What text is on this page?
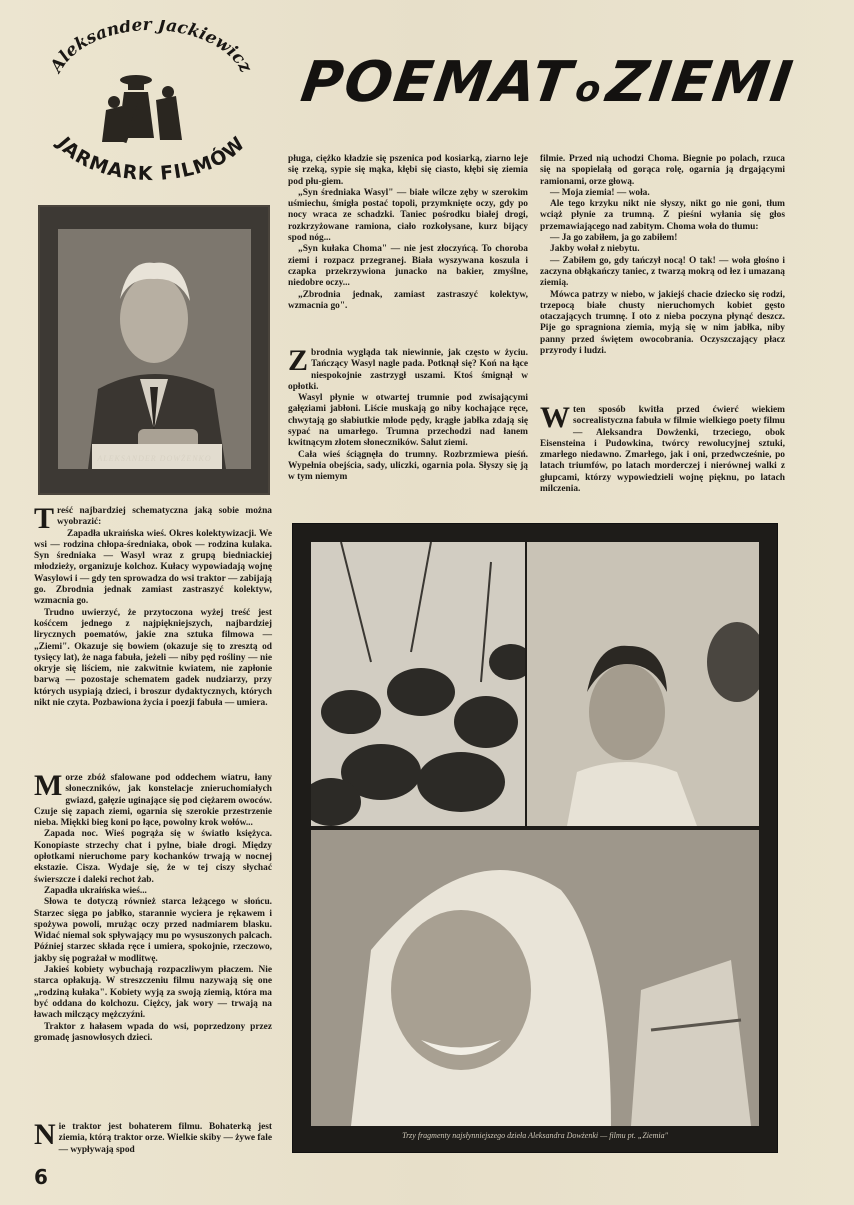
Aleksander Jackiewicz
JARMARK FILMÓW
POEMAToZIEMI
ALEKSANDER DOWŻENKO

Treść najbardziej schematyczna jaką sobie można wyobrazić:

Zapadła ukraińska wieś. Okres kolektywizacji. We wsi — rodzina chłopa-średniaka, obok — rodzina kulaka. Syn średniaka — Wasyl wraz z grupą biedniackiej młodzieży, organizuje kolchoz. Kułacy wypowiadają wojnę Wasylowi i — gdy ten sprowadza do wsi traktor — zabijają go. Zbrodnia jednak zamiast zastraszyć kolektyw, wzmacnia go.

Trudno uwierzyć, że przytoczona wyżej treść jest kośćcem jednego z najpiękniejszych, najbardziej lirycznych poematów, jakie zna sztuka filmowa — „Ziemi". Okazuje się bowiem (okazuje się to zresztą od tysięcy lat), że naga fabuła, jeżeli — niby pęd rośliny — nie okryje się liściem, nie zakwitnie kwiatem, nie zapłonie barwą — pozostaje schematem gadek nudziarzy, przy których usypiają dzieci, i broszur dydaktycznych, których nikt nie czyta. Pozbawiona życia i poezji fabuła — umiera.

Morze zbóż sfalowane pod oddechem wiatru, łany słoneczników, jak konstelacje znieruchomiałych gwiazd, gałęzie uginające się pod ciężarem owoców. Czuje się zapach ziemi, ogarnia się szerokie przestrzenie nieba. Miękki bieg koni po łące, powolny krok wołów...

Zapada noc. Wieś pogrąża się w światło księżyca. Konopiaste strzechy chat i pylne, białe drogi. Między opłotkami nieruchome pary kochanków trwają w nocnej ekstazie. Cisza. Wydaje się, że w tej ciszy słychać świerszcze i daleki rechot żab.

Zapadła ukraińska wieś...

Słowa te dotyczą również starca leżącego w słońcu. Starzec sięga po jabłko, starannie wyciera je rękawem i spożywa powoli, mrużąc oczy przed nadmiarem blasku. Widać niemal sok spływający mu po wysuszonych palcach. Później starzec składa ręce i umiera, spokojnie, rzeczowo, jakby się pograżał w modlitwę.

Jakieś kobiety wybuchają rozpaczliwym płaczem. Nie starca opłakują. W streszczeniu filmu nazywają się one „rodziną kułaka". Kobiety wyją za swoją ziemią, która ma być oddana do kolchozu. Ciężcy, jak wory — trwają na ławach milczący mężczyźni.

Traktor z hałasem wpada do wsi, poprzedzony przez gromadę jasnowłosych dzieci.

Nie traktor jest bohaterem filmu. Bohaterką jest ziemia, którą traktor orze. Wielkie skiby — żywe fale — wypływają spod

pługa, ciężko kładzie się pszenica pod kosiarką, ziarno leje się rzeką, sypie się mąka, kłębi się ciasto, kłębi się ziemia pod płu-giem.

„Syn średniaka Wasyl" — białe wilcze zęby w szerokim uśmiechu, śmigła postać topoli, przymknięte oczy, gdy po nocy wraca ze schadzki. Taniec pośrodku białej drogi, rozkrzyżowane ramiona, ciało rozkołysane, kurz bijący spod nóg...

„Syn kułaka Choma" — nie jest złoczyńcą. To choroba ziemi i rozpacz przegranej. Biała wyszywana koszula i czapka przekrzywiona junacko na bakier, zmyślne, niedobre oczy...

„Zbrodnia jednak, zamiast zastraszyć kolektyw, wzmacnia go".

Zbrodnia wygląda tak niewinnie, jak często w życiu. Tańczący Wasyl nagle pada. Potknął się? Koń na łące niespokojnie zastrzygł uszami. Ktoś śmignął w opłotki.

Wasyl płynie w otwartej trumnie pod zwisającymi gałęziami jabłoni. Liście muskają go niby kochające ręce, chwytają go słabiutkie młode pędy, krągłe jabłka zdają się sypać na umarłego. Trumna przechodzi nad łanem kwitnącym złotem słoneczników. Salut ziemi.

Cała wieś ściągnęła do trumny. Rozbrzmiewa pieśń. Wypełnia obejścia, sady, uliczki, ogarnia pola. Słyszy się ją w tym niemym

filmie. Przed nią uchodzi Choma. Biegnie po polach, rzuca się na spopielałą od gorąca rolę, ogarnia ją drgającymi ramionami, orze głową.

— Moja ziemia! — woła.

Ale tego krzyku nikt nie słyszy, nikt go nie goni, tłum wciąż płynie za trumną. Z pieśni wyłania się głos przemawiającego nad zabitym. Choma woła do tłumu:

— Ja go zabiłem, ja go zabiłem!

Jakby wołał z niebytu.

— Zabiłem go, gdy tańczył nocą! O tak! — woła głośno i zaczyna obłąkańczy taniec, z twarzą mokrą od łez i umazaną ziemią.

Mówca patrzy w niebo, w jakiejś chacie dziecko się rodzi, trzepocą białe chusty nieruchomych kobiet gęsto otaczających trumnę. I oto z nieba poczyna płynąć deszcz. Pije go spragniona ziemia, myją się w nim jabłka, niby panny przed świętem owocobrania. Oczyszczający płacz przyrody i ludzi.

Wten sposób kwitła przed ćwierć wiekiem socrealistyczna fabuła w filmie wielkiego poety filmu — Aleksandra Dowżenki, trzeciego, obok Eisensteina i Pudowkina, twórcy rewolucyjnej sztuki, zmarłego niedawno. Zmarłego, jak i oni, przedwcześnie, po latach triumfów, po latach morderczej i nierównej walki z głupcami, którzy wypowiedzieli wojnę pięknu, po latach milczenia.

Trzy fragmenty najsłynniejszego dzieła Aleksandra Dowżenki — filmu pt. „Ziemia"
6
